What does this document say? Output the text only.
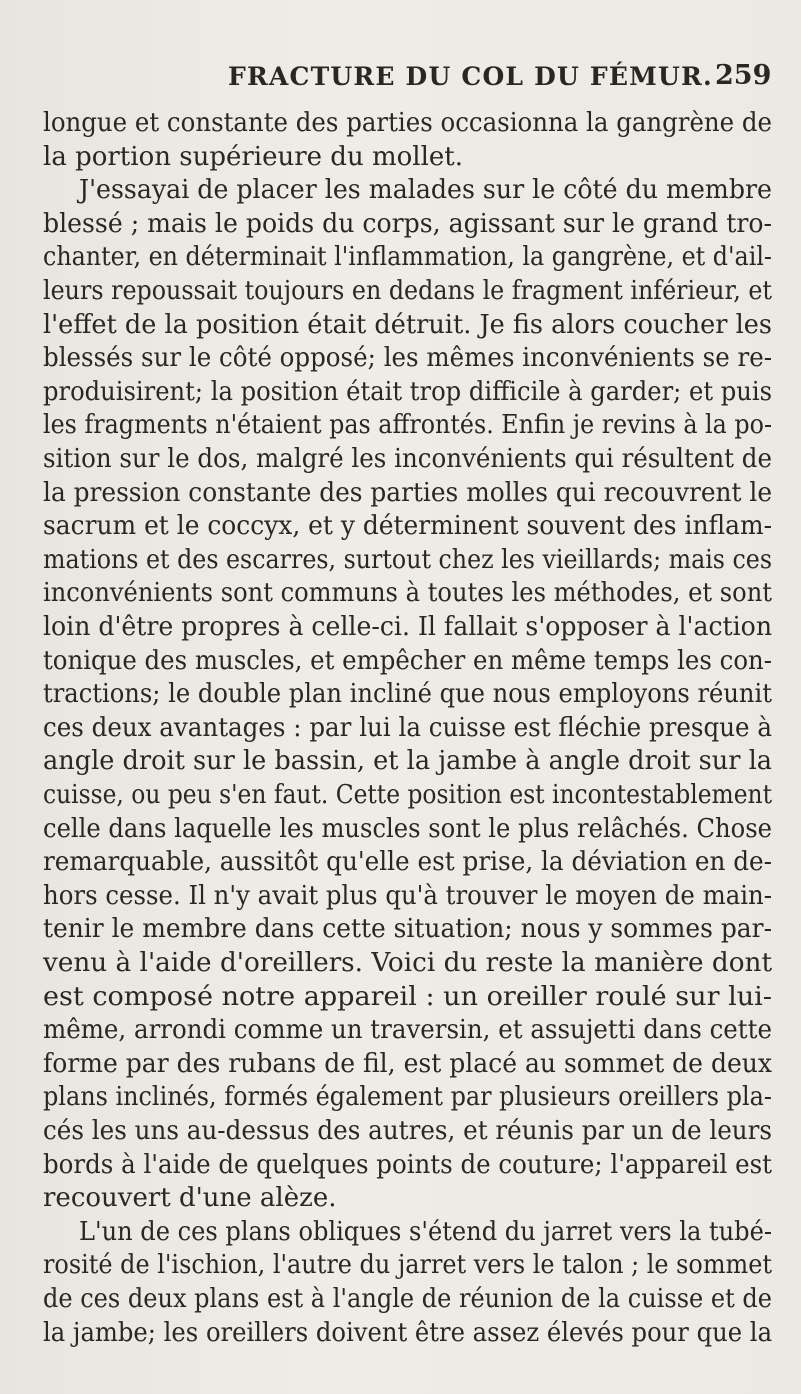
FRACTURE DU COL DU FÉMUR. 259
longue et constante des parties occasionna la gangrène de
la portion supérieure du mollet.
J'essayai de placer les malades sur le côté du membre
blessé ; mais le poids du corps, agissant sur le grand tro-
chanter, en déterminait l'inflammation, la gangrène, et d'ail-
leurs repoussait toujours en dedans le fragment inférieur, et
l'effet de la position était détruit. Je fis alors coucher les
blessés sur le côté opposé; les mêmes inconvénients se re-
produisirent; la position était trop difficile à garder; et puis
les fragments n'étaient pas affrontés. Enfin je revins à la po-
sition sur le dos, malgré les inconvénients qui résultent de
la pression constante des parties molles qui recouvrent le
sacrum et le coccyx, et y déterminent souvent des inflam-
mations et des escarres, surtout chez les vieillards; mais ces
inconvénients sont communs à toutes les méthodes, et sont
loin d'être propres à celle-ci. Il fallait s'opposer à l'action
tonique des muscles, et empêcher en même temps les con-
tractions; le double plan incliné que nous employons réunit
ces deux avantages : par lui la cuisse est fléchie presque à
angle droit sur le bassin, et la jambe à angle droit sur la
cuisse, ou peu s'en faut. Cette position est incontestablement
celle dans laquelle les muscles sont le plus relâchés. Chose
remarquable, aussitôt qu'elle est prise, la déviation en de-
hors cesse. Il n'y avait plus qu'à trouver le moyen de main-
tenir le membre dans cette situation; nous y sommes par-
venu à l'aide d'oreillers. Voici du reste la manière dont
est composé notre appareil : un oreiller roulé sur lui-
même, arrondi comme un traversin, et assujetti dans cette
forme par des rubans de fil, est placé au sommet de deux
plans inclinés, formés également par plusieurs oreillers pla-
cés les uns au-dessus des autres, et réunis par un de leurs
bords à l'aide de quelques points de couture; l'appareil est
recouvert d'une alèze.
L'un de ces plans obliques s'étend du jarret vers la tubé-
rosité de l'ischion, l'autre du jarret vers le talon ; le sommet
de ces deux plans est à l'angle de réunion de la cuisse et de
la jambe; les oreillers doivent être assez élevés pour que la
